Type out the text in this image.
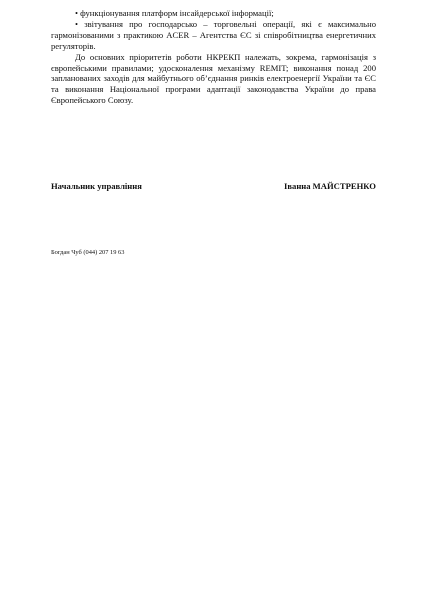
• функціонування платформ інсайдерської інформації;

• звітування про господарсько – торговельні операції, які є максимально гармонізованими з практикою ACER – Агентства ЄС зі співробітництва енергетичних регуляторів.

До основних пріоритетів роботи НКРЕКП належать, зокрема, гармонізація з європейськими правилами; удосконалення механізму REMIT; виконання понад 200 запланованих заходів для майбутнього об’єднання ринків електроенергії України та ЄС та виконання Національної програми адаптації законодавства України до права Європейського Союзу.

Начальник управління	Іванна МАЙСТРЕНКО
Богдан Чуб (044) 207 19 63
